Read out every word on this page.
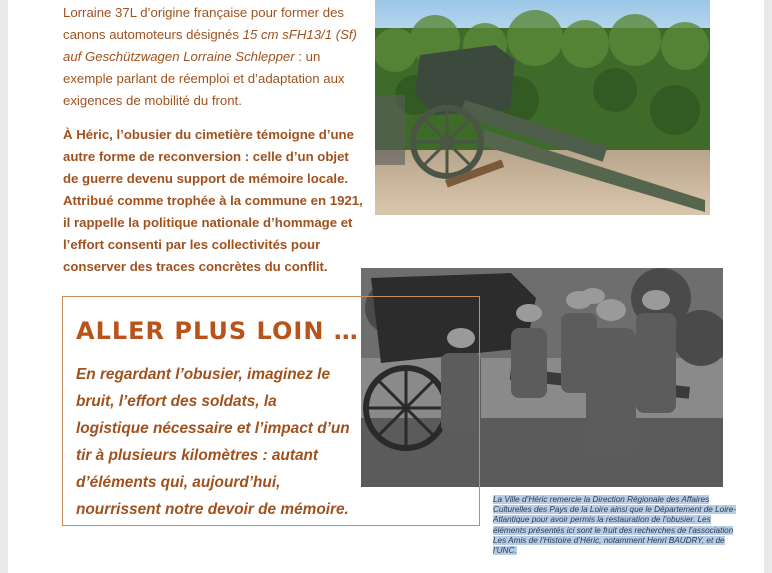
Lorraine 37L d’origine française pour former des canons automoteurs désignés 15 cm sFH13/1 (Sf) auf Geschützwagen Lorraine Schlepper : un exemple parlant de réemploi et d’adaptation aux exigences de mobilité du front.

À Héric, l’obusier du cimetière témoigne d’une autre forme de reconversion : celle d’un objet de guerre devenu support de mémoire locale. Attribué comme trophée à la commune en 1921, il rappelle la politique nationale d’hommage et l’effort consenti par les collectivités pour conserver des traces concrètes du conflit.

ALLER PLUS LOIN …
En regardant l’obusier, imaginez le bruit, l’effort des soldats, la logistique nécessaire et l’impact d’un tir à plusieurs kilomètres : autant d’éléments qui, aujourd’hui, nourrissent notre devoir de mémoire.
La Ville d’Héric remercie la Direction Régionale des Affaires Culturelles des Pays de la Loire ainsi que le Département de Loire-Atlantique pour avoir permis la restauration de l’obusier. Les éléments présentés ici sont le fruit des recherches de l’association Les Amis de l’Histoire d’Héric, notamment Henri BAUDRY, et de l’UNC.
